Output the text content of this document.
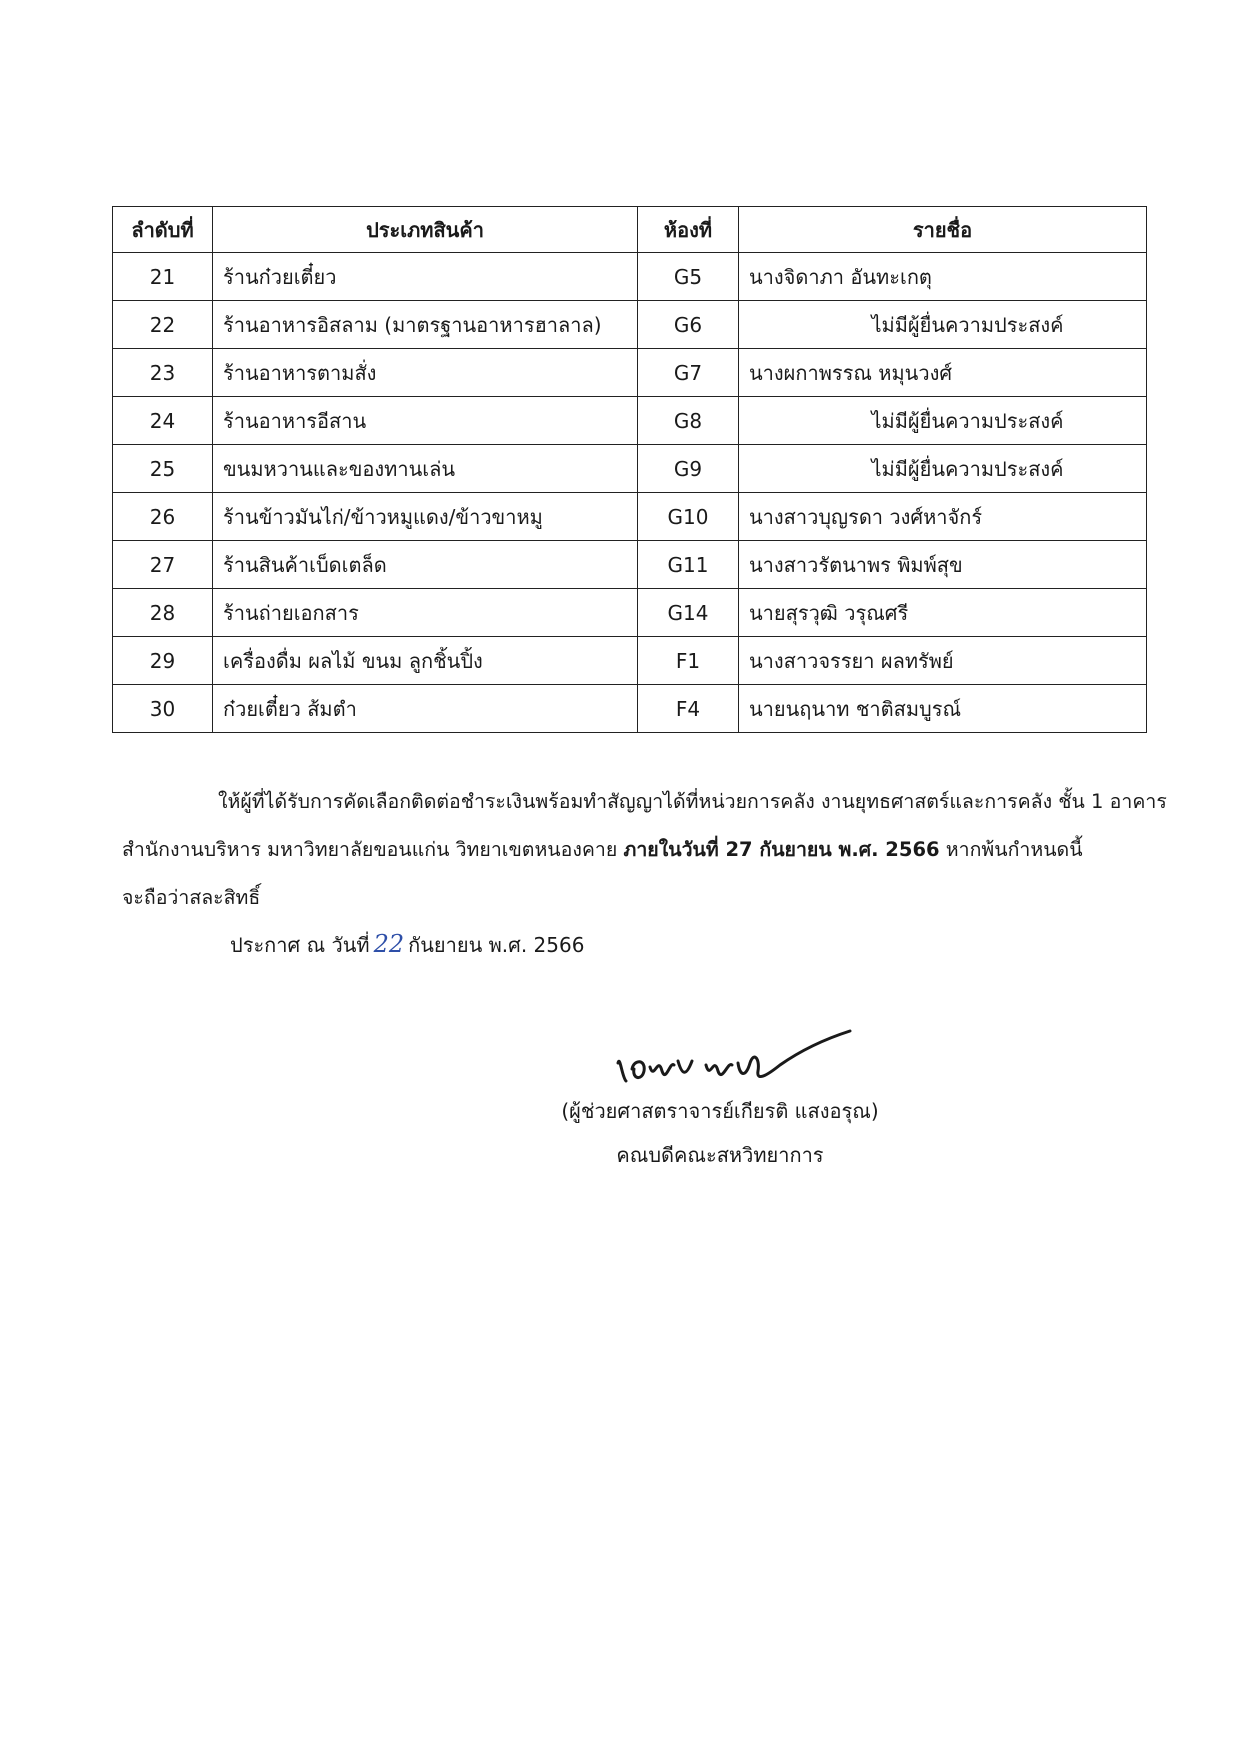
ลำดับที่	ประเภทสินค้า	ห้องที่	รายชื่อ
21	ร้านก๋วยเตี๋ยว	G5	นางจิดาภา อันทะเกตุ
22	ร้านอาหารอิสลาม (มาตรฐานอาหารฮาลาล)	G6	ไม่มีผู้ยื่นความประสงค์
23	ร้านอาหารตามสั่ง	G7	นางผกาพรรณ หมุนวงศ์
24	ร้านอาหารอีสาน	G8	ไม่มีผู้ยื่นความประสงค์
25	ขนมหวานและของทานเล่น	G9	ไม่มีผู้ยื่นความประสงค์
26	ร้านข้าวมันไก่/ข้าวหมูแดง/ข้าวขาหมู	G10	นางสาวบุญรดา วงศ์หาจักร์
27	ร้านสินค้าเบ็ดเตล็ด	G11	นางสาวรัตนาพร พิมพ์สุข
28	ร้านถ่ายเอกสาร	G14	นายสุรวุฒิ วรุณศรี
29	เครื่องดื่ม ผลไม้ ขนม ลูกชิ้นปิ้ง	F1	นางสาวจรรยา ผลทรัพย์
30	ก๋วยเตี๋ยว ส้มตำ	F4	นายนฤนาท ชาติสมบูรณ์
ให้ผู้ที่ได้รับการคัดเลือกติดต่อชำระเงินพร้อมทำสัญญาได้ที่หน่วยการคลัง งานยุทธศาสตร์และการคลัง ชั้น 1 อาคาร
สำนักงานบริหาร มหาวิทยาลัยขอนแก่น วิทยาเขตหนองคาย ภายในวันที่ 27 กันยายน พ.ศ. 2566 หากพ้นกำหนดนี้
จะถือว่าสละสิทธิ์
ประกาศ ณ วันที่ 22 กันยายน พ.ศ. 2566
(ผู้ช่วยศาสตราจารย์เกียรติ แสงอรุณ)
คณบดีคณะสหวิทยาการ
